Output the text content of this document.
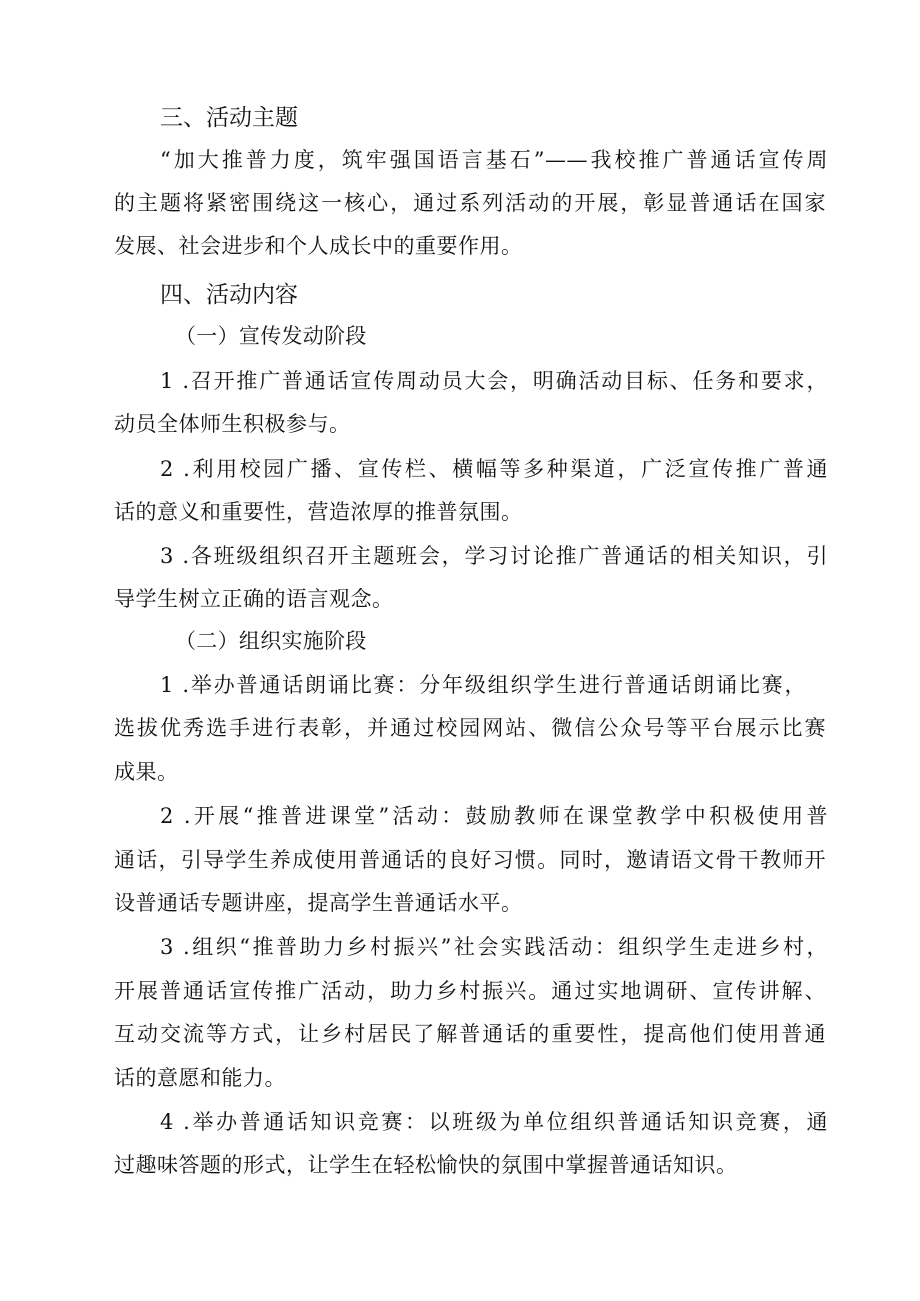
三、活动主题
“加大推普力度，筑牢强国语言基石”——我校推广普通话宣传周
的主题将紧密围绕这一核心，通过系列活动的开展，彰显普通话在国家
发展、社会进步和个人成长中的重要作用。
四、活动内容
（一）宣传发动阶段
1 .召开推广普通话宣传周动员大会，明确活动目标、任务和要求，
动员全体师生积极参与。
2 .利用校园广播、宣传栏、横幅等多种渠道，广泛宣传推广普通
话的意义和重要性，营造浓厚的推普氛围。
3 .各班级组织召开主题班会，学习讨论推广普通话的相关知识，引
导学生树立正确的语言观念。
（二）组织实施阶段
1 .举办普通话朗诵比赛：分年级组织学生进行普通话朗诵比赛，
选拔优秀选手进行表彰，并通过校园网站、微信公众号等平台展示比赛
成果。
2 .开展“推普进课堂”活动：鼓励教师在课堂教学中积极使用普
通话，引导学生养成使用普通话的良好习惯。同时，邀请语文骨干教师开
设普通话专题讲座，提高学生普通话水平。
3 .组织“推普助力乡村振兴”社会实践活动：组织学生走进乡村，
开展普通话宣传推广活动，助力乡村振兴。通过实地调研、宣传讲解、
互动交流等方式，让乡村居民了解普通话的重要性，提高他们使用普通
话的意愿和能力。
4 .举办普通话知识竞赛：以班级为单位组织普通话知识竞赛，通
过趣味答题的形式，让学生在轻松愉快的氛围中掌握普通话知识。
